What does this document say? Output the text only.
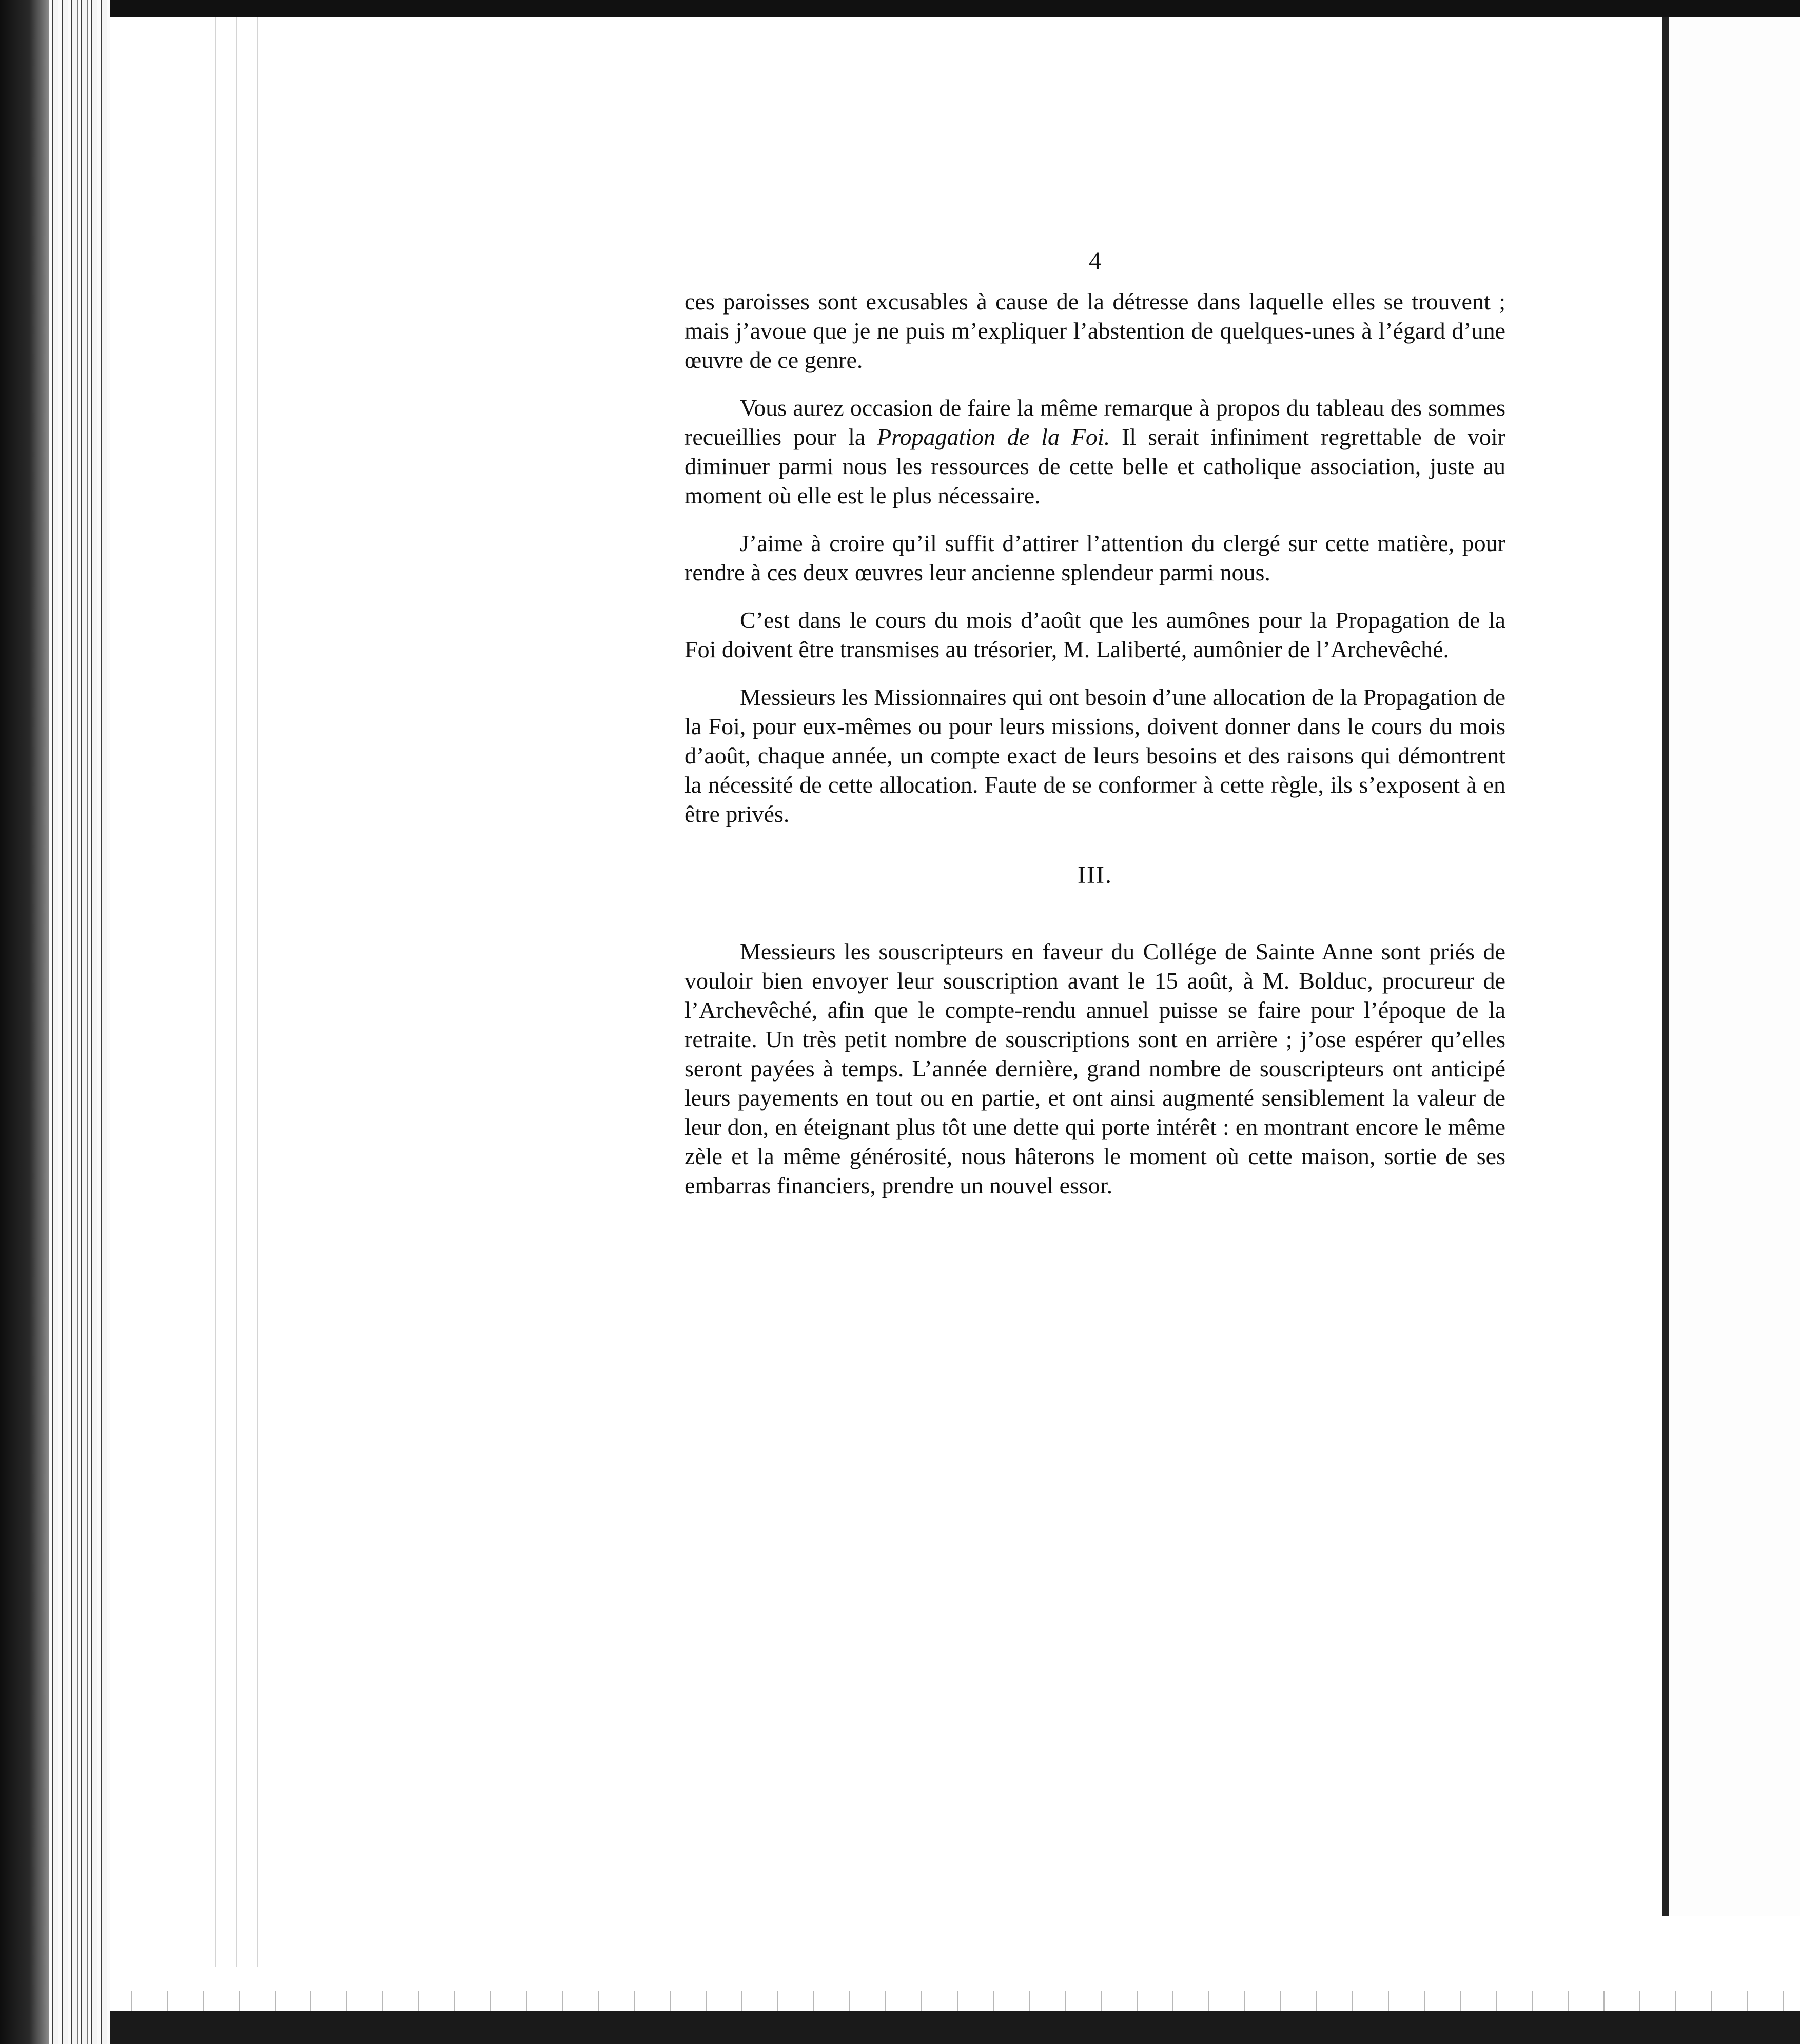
4

ces paroisses sont excusables à cause de la détresse dans laquelle elles se trouvent ; mais j’avoue que je ne puis m’expliquer l’abstention de quelques-unes à l’égard d’une œuvre de ce genre.

Vous aurez occasion de faire la même remarque à propos du tableau des sommes recueillies pour la Propagation de la Foi. Il serait infiniment regrettable de voir diminuer parmi nous les ressources de cette belle et catholique association, juste au moment où elle est le plus nécessaire.

J’aime à croire qu’il suffit d’attirer l’attention du clergé sur cette matière, pour rendre à ces deux œuvres leur ancienne splendeur parmi nous.

C’est dans le cours du mois d’août que les aumônes pour la Propagation de la Foi doivent être transmises au trésorier, M. Laliberté, aumônier de l’Archevêché.

Messieurs les Missionnaires qui ont besoin d’une allocation de la Propagation de la Foi, pour eux-mêmes ou pour leurs missions, doivent donner dans le cours du mois d’août, chaque année, un compte exact de leurs besoins et des raisons qui démontrent la nécessité de cette allocation. Faute de se conformer à cette règle, ils s’exposent à en être privés.

III.

Messieurs les souscripteurs en faveur du Collége de Sainte Anne sont priés de vouloir bien envoyer leur souscription avant le 15 août, à M. Bolduc, procureur de l’Archevêché, afin que le compte-rendu annuel puisse se faire pour l’époque de la retraite. Un très petit nombre de souscriptions sont en arrière ; j’ose espérer qu’elles seront payées à temps. L’année dernière, grand nombre de souscripteurs ont anticipé leurs payements en tout ou en partie, et ont ainsi augmenté sensiblement la valeur de leur don, en éteignant plus tôt une dette qui porte intérêt : en montrant encore le même zèle et la même générosité, nous hâterons le moment où cette maison, sortie de ses embarras financiers, prendre un nouvel essor.
